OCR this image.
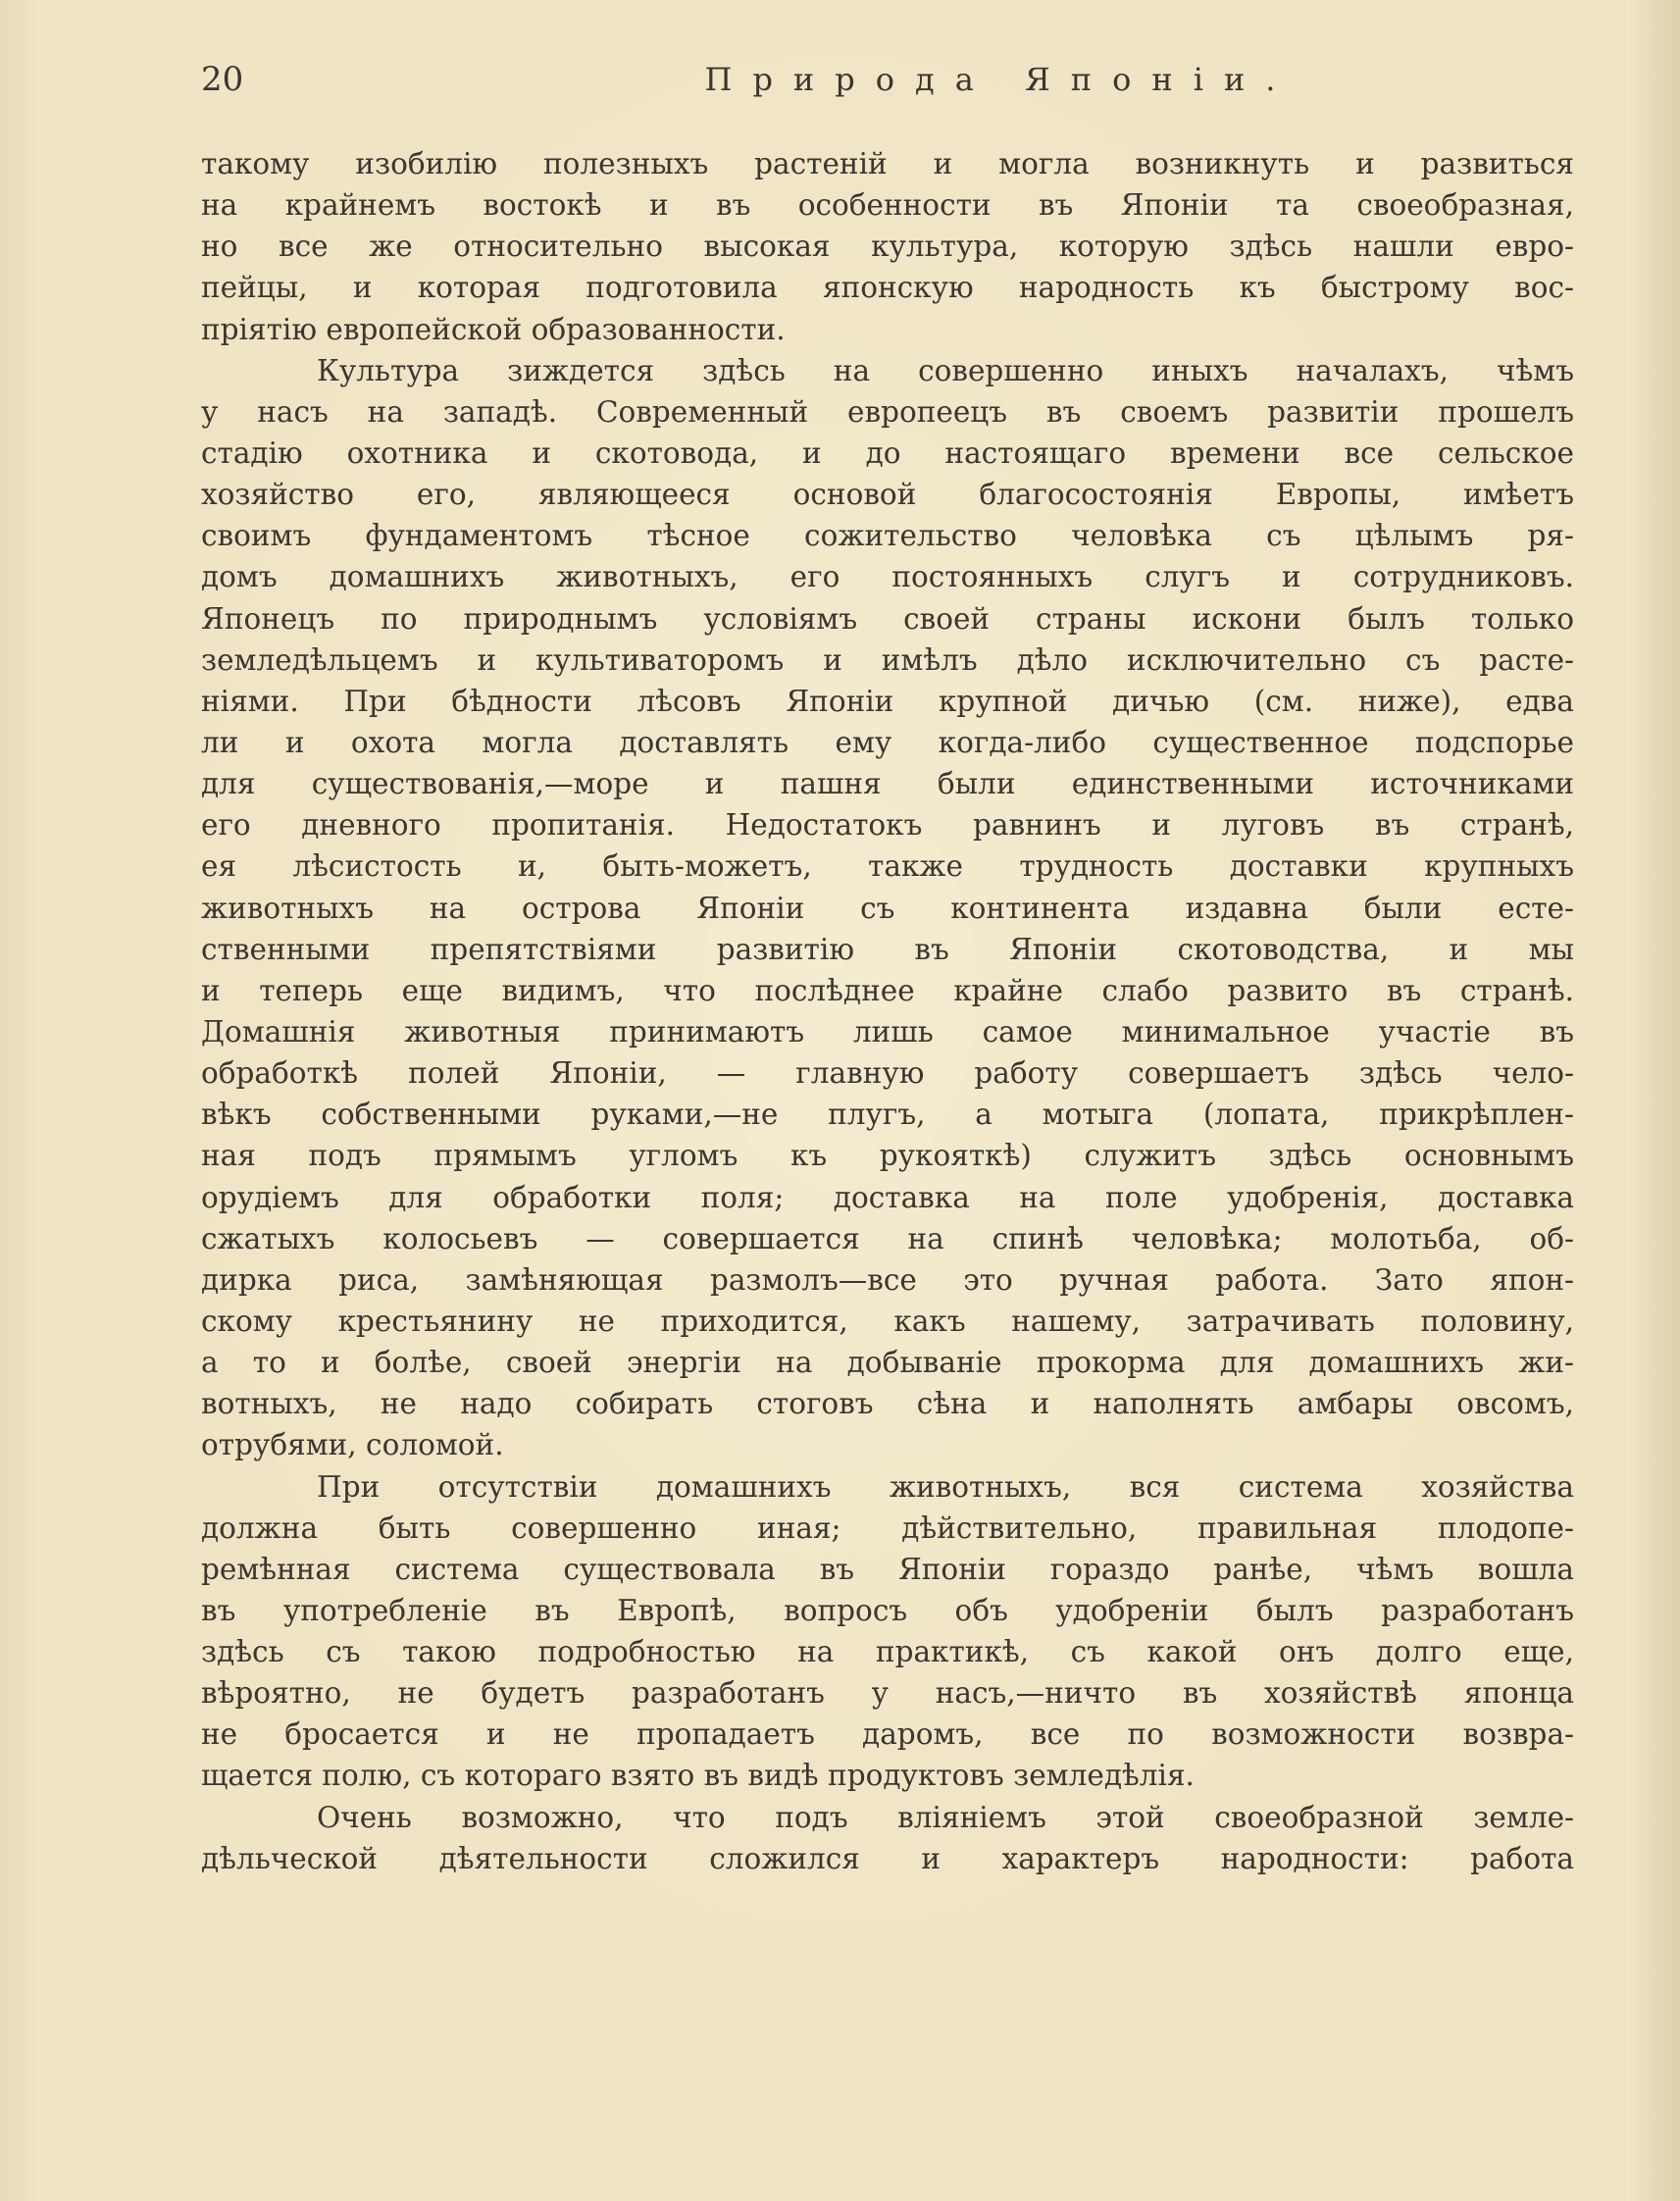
20	Природа Японіи.
такому изобилію полезныхъ растеній и могла возникнуть и развиться
на крайнемъ востокѣ и въ особенности въ Японіи та своеобразная,
но все же относительно высокая культура, которую здѣсь нашли евро-
пейцы, и которая подготовила японскую народность къ быстрому вос-
пріятію европейской образованности.
Культура зиждется здѣсь на совершенно иныхъ началахъ, чѣмъ
у насъ на западѣ. Современный европеецъ въ своемъ развитіи прошелъ
стадію охотника и скотовода, и до настоящаго времени все сельское
хозяйство его, являющееся основой благосостоянія Европы, имѣетъ
своимъ фундаментомъ тѣсное сожительство человѣка съ цѣлымъ ря-
домъ домашнихъ животныхъ, его постоянныхъ слугъ и сотрудниковъ.
Японецъ по природнымъ условіямъ своей страны искони былъ только
земледѣльцемъ и культиваторомъ и имѣлъ дѣло исключительно съ расте-
ніями. При бѣдности лѣсовъ Японіи крупной дичью (см. ниже), едва
ли и охота могла доставлять ему когда-либо существенное подспорье
для существованія,—море и пашня были единственными источниками
его дневного пропитанія. Недостатокъ равнинъ и луговъ въ странѣ,
ея лѣсистость и, быть-можетъ, также трудность доставки крупныхъ
животныхъ на острова Японіи съ континента издавна были есте-
ственными препятствіями развитію въ Японіи скотоводства, и мы
и теперь еще видимъ, что послѣднее крайне слабо развито въ странѣ.
Домашнія животныя принимаютъ лишь самое минимальное участіе въ
обработкѣ полей Японіи, — главную работу совершаетъ здѣсь чело-
вѣкъ собственными руками,—не плугъ, а мотыга (лопата, прикрѣплен-
ная подъ прямымъ угломъ къ рукояткѣ) служитъ здѣсь основнымъ
орудіемъ для обработки поля; доставка на поле удобренія, доставка
сжатыхъ колосьевъ — совершается на спинѣ человѣка; молотьба, об-
дирка риса, замѣняющая размолъ—все это ручная работа. Зато япон-
скому крестьянину не приходится, какъ нашему, затрачивать половину,
а то и болѣе, своей энергіи на добываніе прокорма для домашнихъ жи-
вотныхъ, не надо собирать стоговъ сѣна и наполнять амбары овсомъ,
отрубями, соломой.
При отсутствіи домашнихъ животныхъ, вся система хозяйства
должна быть совершенно иная; дѣйствительно, правильная плодопе-
ремѣнная система существовала въ Японіи гораздо ранѣе, чѣмъ вошла
въ употребленіе въ Европѣ, вопросъ объ удобреніи былъ разработанъ
здѣсь съ такою подробностью на практикѣ, съ какой онъ долго еще,
вѣроятно, не будетъ разработанъ у насъ,—ничто въ хозяйствѣ японца
не бросается и не пропадаетъ даромъ, все по возможности возвра-
щается полю, съ котораго взято въ видѣ продуктовъ земледѣлія.
Очень возможно, что подъ вліяніемъ этой своеобразной земле-
дѣльческой дѣятельности сложился и характеръ народности: работа
